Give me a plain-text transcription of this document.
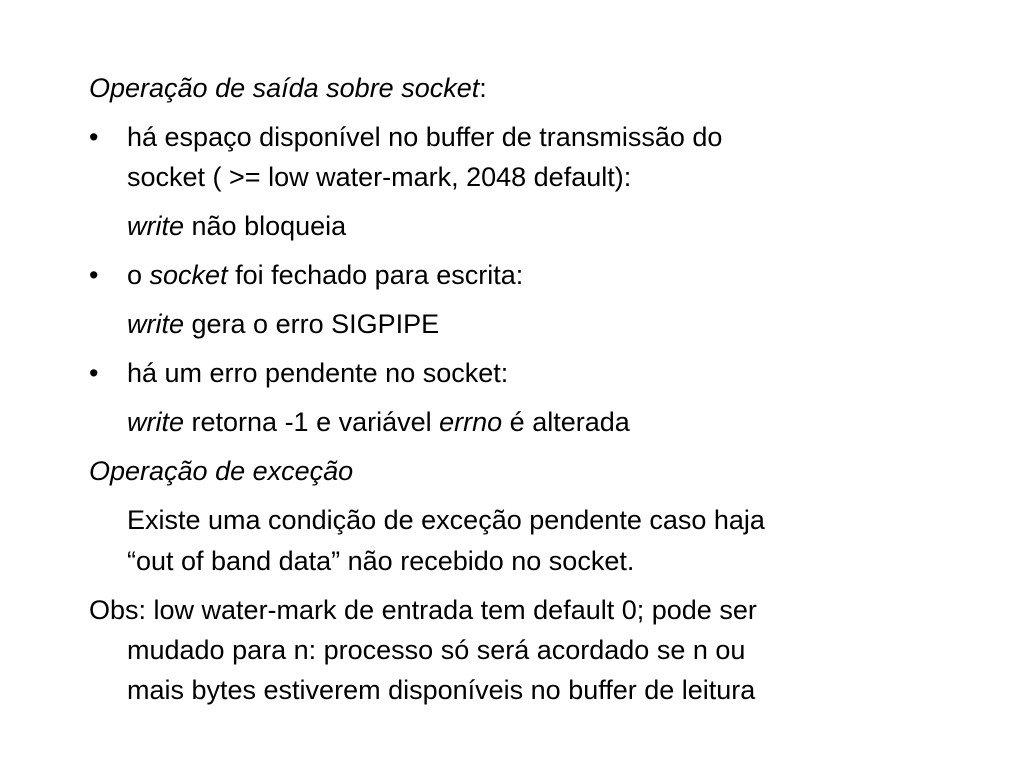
Operação de saída sobre socket:
• há espaço disponível no buffer de transmissão do
socket ( >= low water-mark, 2048 default):
write não bloqueia
• o socket foi fechado para escrita:
write gera o erro SIGPIPE
• há um erro pendente no socket:
write retorna -1 e variável errno é alterada
Operação de exceção
Existe uma condição de exceção pendente caso haja
“out of band data” não recebido no socket.
Obs: low water-mark de entrada tem default 0; pode ser
mudado para n: processo só será acordado se n ou
mais bytes estiverem disponíveis no buffer de leitura
